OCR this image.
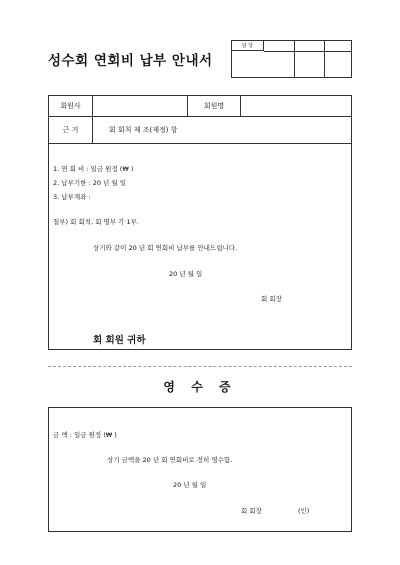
성수회 연회비 납부 안내서
담 당
회원사	회원명
근 거	회 회칙 제 조(재정) 항
1. 연 회 비 : 일금 원정 (₩ )
2. 납부기한 : 20 년 월 일
3. 납부계좌 :
첨부) 회 회칙, 회 명부 각 1부.
상기와 같이 20 년 회 연회비 납부를 안내드립니다.
20 년 월 일
회 회장
회 회원 귀하
영 수 증
금 액 : 일금 원정 (₩ )
상기 금액을 20 년 회 연회비로 정히 영수함.
20 년 월 일
회 회장	(인)
